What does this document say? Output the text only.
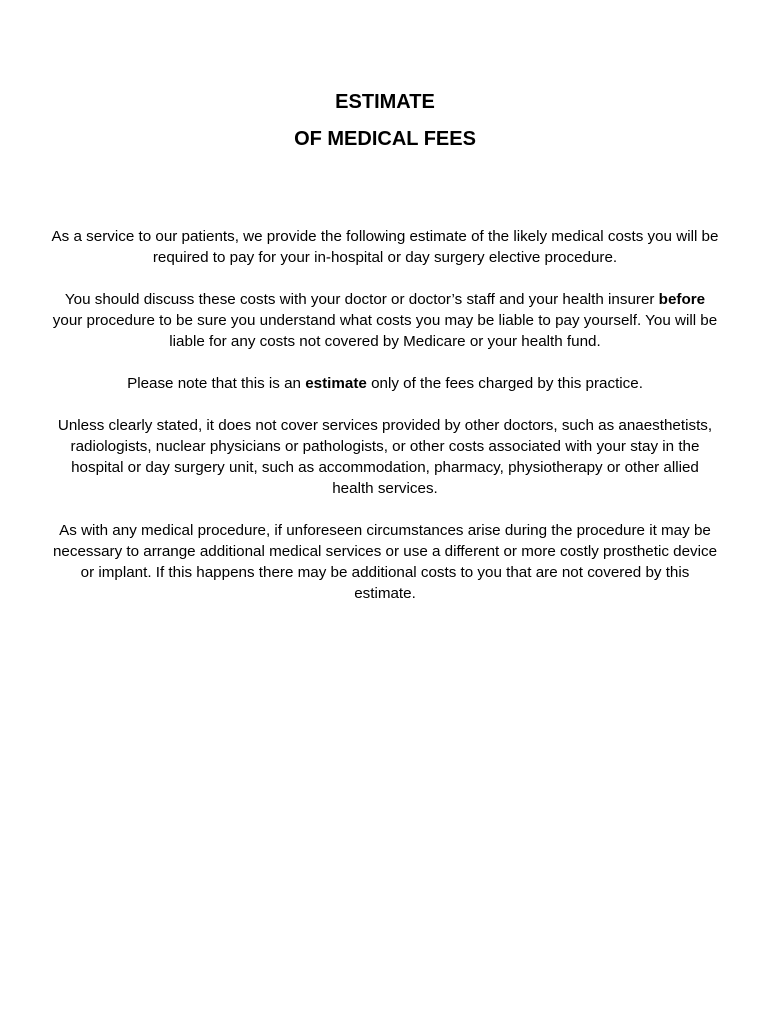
ESTIMATE

OF MEDICAL FEES

As a service to our patients, we provide the following estimate of the likely medical costs you will be required to pay for your in-hospital or day surgery elective procedure.

You should discuss these costs with your doctor or doctor’s staff and your health insurer before your procedure to be sure you understand what costs you may be liable to pay yourself. You will be liable for any costs not covered by Medicare or your health fund.

Please note that this is an estimate only of the fees charged by this practice.

Unless clearly stated, it does not cover services provided by other doctors, such as anaesthetists, radiologists, nuclear physicians or pathologists, or other costs associated with your stay in the hospital or day surgery unit, such as accommodation, pharmacy, physiotherapy or other allied health services.

As with any medical procedure, if unforeseen circumstances arise during the procedure it may be necessary to arrange additional medical services or use a different or more costly prosthetic device or implant. If this happens there may be additional costs to you that are not covered by this estimate.
